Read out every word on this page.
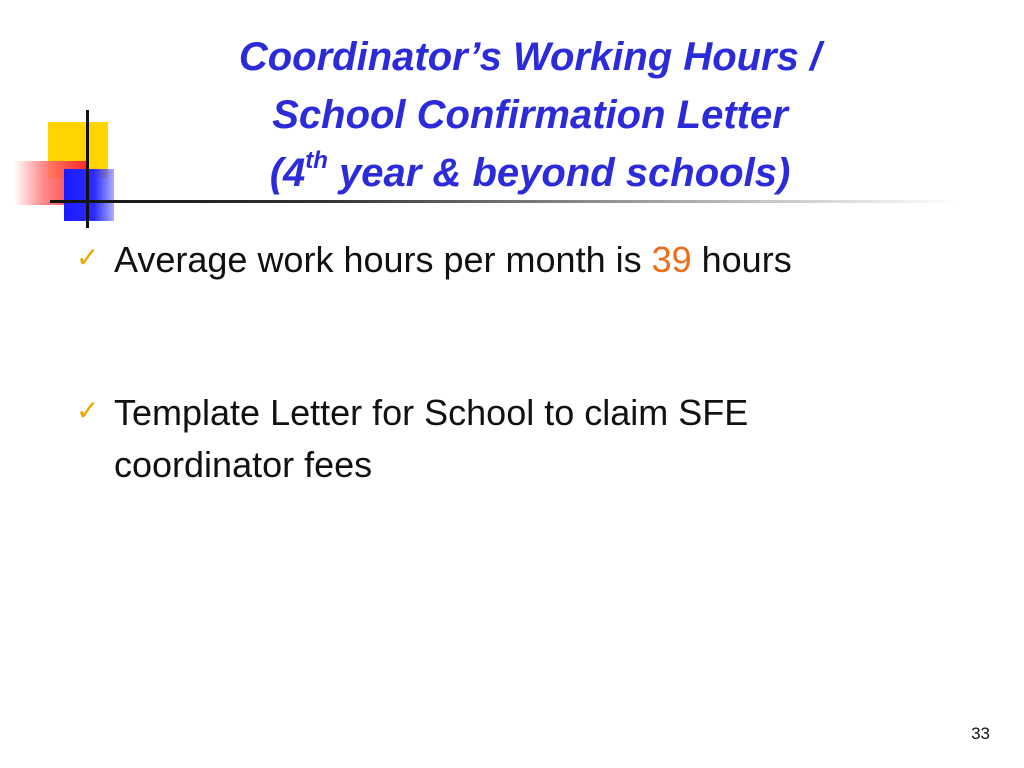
Coordinator’s Working Hours /
School Confirmation Letter
(4th year & beyond schools)
✓ Average work hours per month is 39 hours
✓ Template Letter for School to claim SFE coordinator fees
33
